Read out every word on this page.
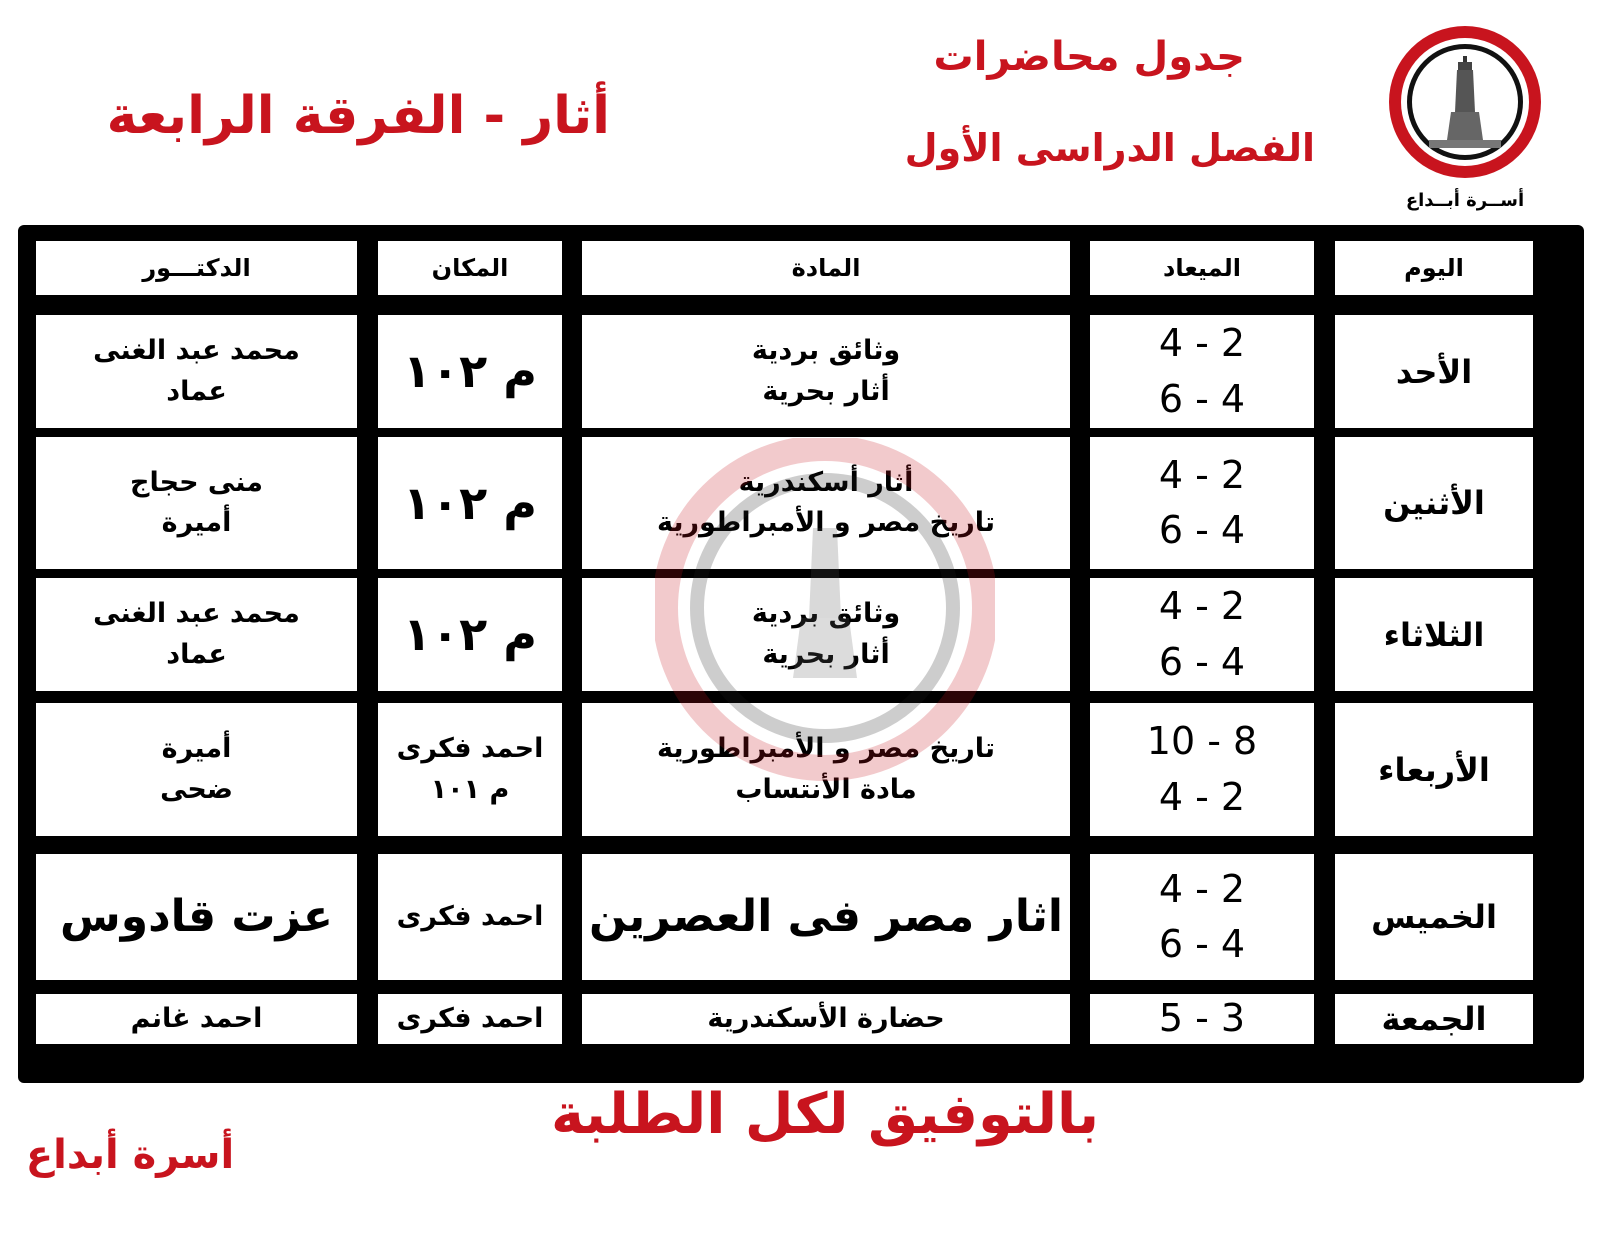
جدول محاضرات
الفصل الدراسى الأول
أثار - الفرقة الرابعة
أســرة أبــداع
اليوم
الميعاد
المادة
المكان
الدكتـــور
الأحد
4 - 2
6 - 4
وثائق بردية
أثار بحرية
م ١٠٢
محمد عبد الغنى
عماد
الأثنين
4 - 2
6 - 4
أثار أسكندرية
تاريخ مصر و الأمبراطورية
م ١٠٢
منى حجاج
أميرة
الثلاثاء
4 - 2
6 - 4
وثائق بردية
أثار بحرية
م ١٠٢
محمد عبد الغنى
عماد
الأربعاء
10 - 8
4 - 2
تاريخ مصر و الأمبراطورية
مادة الأنتساب
احمد فكرى
م ١٠١
أميرة
ضحى
الخميس
4 - 2
6 - 4
اثار مصر فى العصرين
احمد فكرى
عزت قادوس
الجمعة
5 - 3
حضارة الأسكندرية
احمد فكرى
احمد غانم
بالتوفيق لكل الطلبة
أسرة أبداع
